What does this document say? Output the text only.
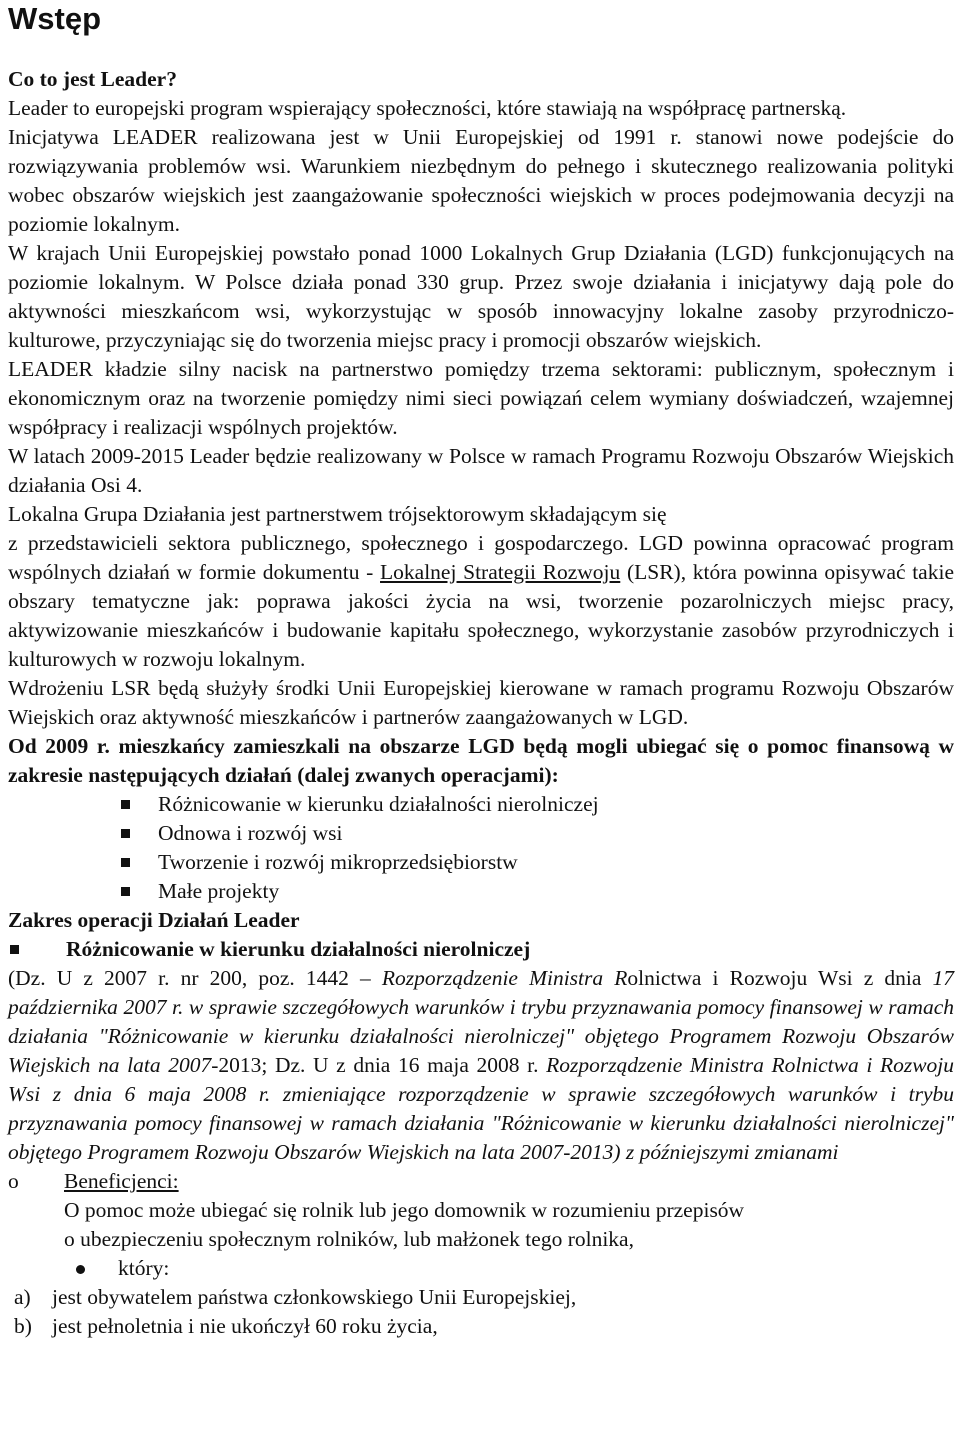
Wstęp

Co to jest Leader?

Leader to europejski program wspierający społeczności, które stawiają na współpracę partnerską.

Inicjatywa LEADER realizowana jest w Unii Europejskiej od 1991 r. stanowi nowe podejście do rozwiązywania problemów wsi. Warunkiem niezbędnym do pełnego i skutecznego realizowania polityki wobec obszarów wiejskich jest zaangażowanie społeczności wiejskich w proces podejmowania decyzji na poziomie lokalnym.

W krajach Unii Europejskiej powstało ponad 1000 Lokalnych Grup Działania (LGD) funkcjonujących na poziomie lokalnym. W Polsce działa ponad 330 grup. Przez swoje działania i inicjatywy dają pole do aktywności mieszkańcom wsi, wykorzystując w sposób innowacyjny lokalne zasoby przyrodniczo- kulturowe, przyczyniając się do tworzenia miejsc pracy i promocji obszarów wiejskich.

LEADER kładzie silny nacisk na partnerstwo pomiędzy trzema sektorami: publicznym, społecznym i ekonomicznym oraz na tworzenie pomiędzy nimi sieci powiązań celem wymiany doświadczeń, wzajemnej współpracy i realizacji wspólnych projektów.

W latach 2009-2015 Leader będzie realizowany w Polsce w ramach Programu Rozwoju Obszarów Wiejskich działania Osi 4.

Lokalna Grupa Działania jest partnerstwem trójsektorowym składającym się

z przedstawicieli sektora publicznego, społecznego i gospodarczego. LGD powinna opracować program wspólnych działań w formie dokumentu - Lokalnej Strategii Rozwoju (LSR), która powinna opisywać takie obszary tematyczne jak: poprawa jakości życia na wsi, tworzenie pozarolniczych miejsc pracy, aktywizowanie mieszkańców i budowanie kapitału społecznego, wykorzystanie zasobów przyrodniczych i kulturowych w rozwoju lokalnym.

Wdrożeniu LSR będą służyły środki Unii Europejskiej kierowane w ramach programu Rozwoju Obszarów Wiejskich oraz aktywność mieszkańców i partnerów zaangażowanych w LGD.

Od 2009 r. mieszkańcy zamieszkali na obszarze LGD będą mogli ubiegać się o pomoc finansową w zakresie następujących działań (dalej zwanych operacjami):

Różnicowanie w kierunku działalności nierolniczej
Odnowa i rozwój wsi
Tworzenie i rozwój mikroprzedsiębiorstw
Małe projekty

Zakres operacji Działań Leader

Różnicowanie w kierunku działalności nierolniczej

(Dz. U z 2007 r. nr 200, poz. 1442 – Rozporządzenie Ministra Rolnictwa i Rozwoju Wsi z dnia 17 października 2007 r. w sprawie szczegółowych warunków i trybu przyznawania pomocy finansowej w ramach działania "Różnicowanie w kierunku działalności nierolniczej" objętego Programem Rozwoju Obszarów Wiejskich na lata 2007-2013; Dz. U z dnia 16 maja 2008 r. Rozporządzenie Ministra Rolnictwa i Rozwoju Wsi z dnia 6 maja 2008 r. zmieniające rozporządzenie w sprawie szczegółowych warunków i trybu przyznawania pomocy finansowej w ramach działania "Różnicowanie w kierunku działalności nierolniczej" objętego Programem Rozwoju Obszarów Wiejskich na lata 2007-2013) z późniejszymi zmianami

o Beneficjenci:

O pomoc może ubiegać się rolnik lub jego domownik w rozumieniu przepisów

o ubezpieczeniu społecznym rolników, lub małżonek tego rolnika,

który:
a) jest obywatelem państwa członkowskiego Unii Europejskiej,
b) jest pełnoletnia i nie ukończył 60 roku życia,
